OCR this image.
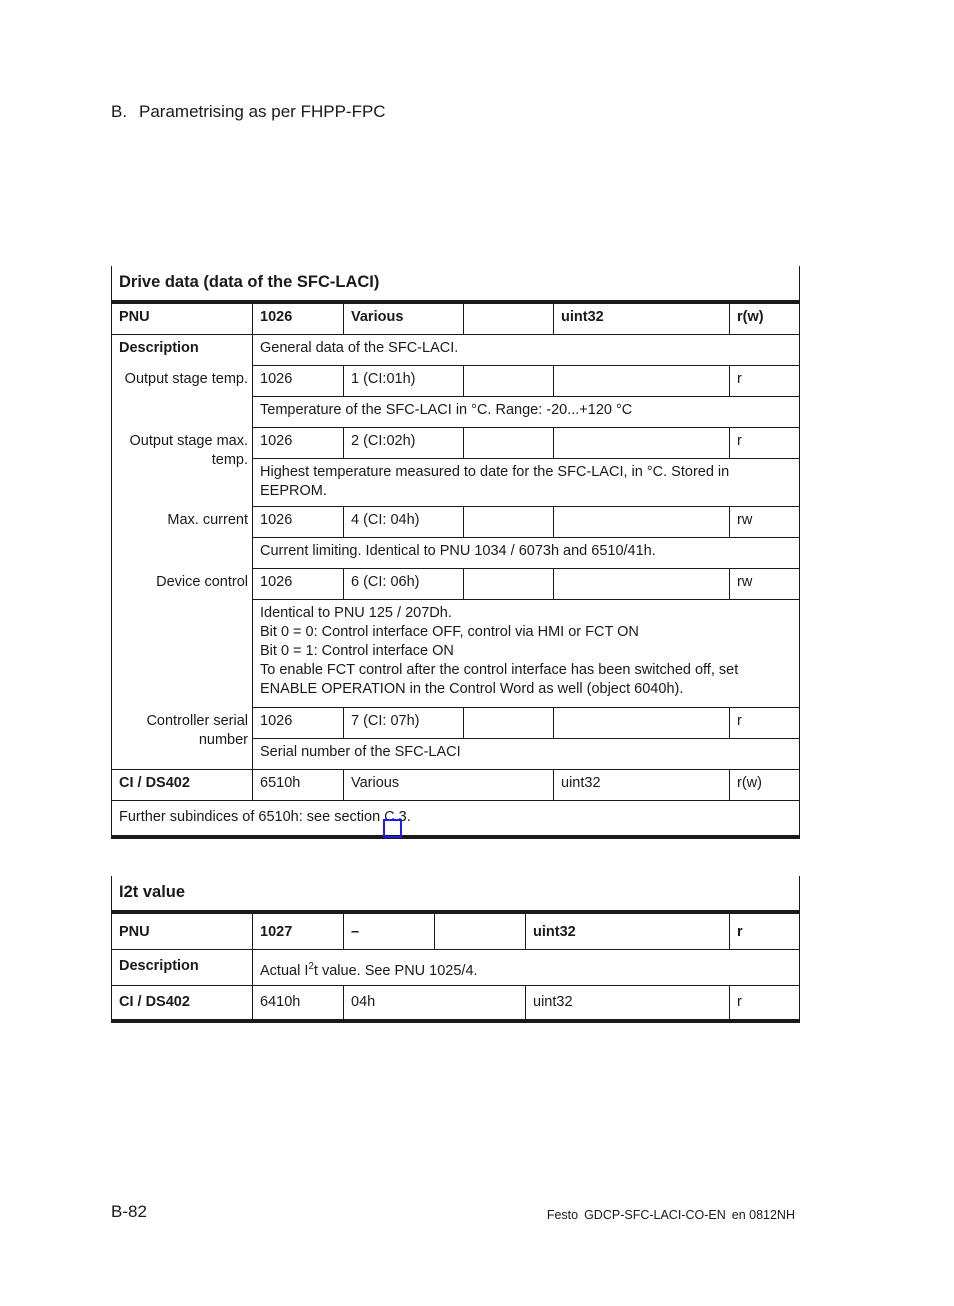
B. Parametrising as per FHPP-FPC
Drive data (data of the SFC-LACI)					
PNU	1026	Various		uint32	r(w)
Description	General data of the SFC-LACI.				
Output stage temp.	1026	1 (CI:01h)			r
	Temperature of the SFC-LACI in °C. Range: -20...+120 °C				
Output stage max. temp.	1026	2 (CI:02h)			r
	Highest temperature measured to date for the SFC-LACI, in °C. Stored in EEPROM.				
Max. current	1026	4 (CI: 04h)			rw
	Current limiting. Identical to PNU 1034 / 6073h and 6510/41h.				
Device control	1026	6 (CI: 06h)			rw
	Identical to PNU 125 / 207Dh.
Bit 0 = 0: Control interface OFF, control via HMI or FCT ON
Bit 0 = 1: Control interface ON
To enable FCT control after the control interface has been switched off, set ENABLE OPERATION in the Control Word as well (object 6040h).				
Controller serial number	1026	7 (CI: 07h)			r
	Serial number of the SFC-LACI				
CI / DS402	6510h	Various		uint32	r(w)
Further subindices of 6510h: see section C.3.					
I2t value					
PNU	1027	–		uint32	r
Description	Actual $I^2t$ value. See PNU 1025/4.				
CI / DS402	6410h	04h		uint32	r
B-82	Festo GDCP-SFC-LACI-CO-EN en 0812NH
